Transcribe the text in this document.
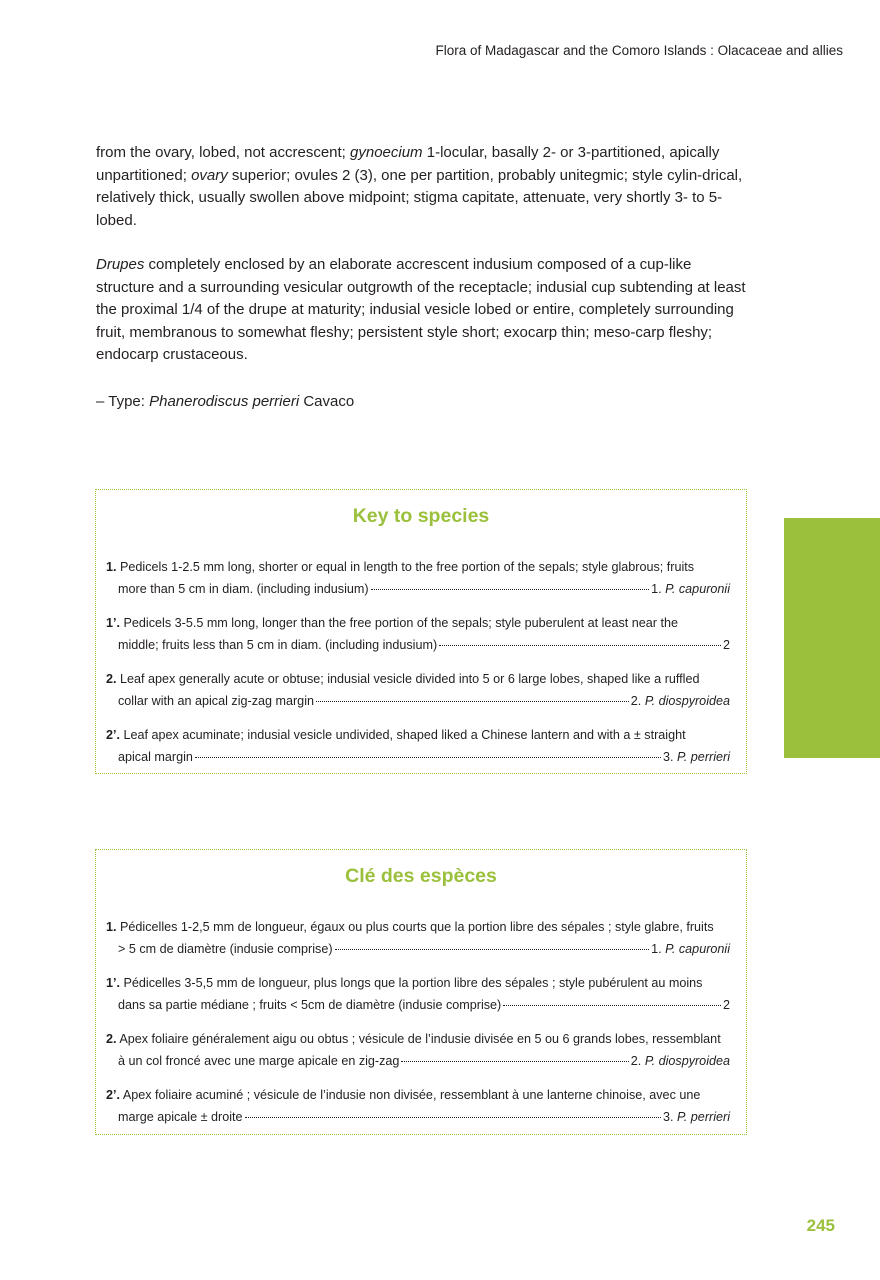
Flora of Madagascar and the Comoro Islands : Olacaceae and allies

from the ovary, lobed, not accrescent; gynoecium 1-locular, basally 2- or 3-partitioned, apically unpartitioned; ovary superior; ovules 2 (3), one per partition, probably unitegmic; style cylin-drical, relatively thick, usually swollen above midpoint; stigma capitate, attenuate, very shortly 3- to 5-lobed.

Drupes completely enclosed by an elaborate accrescent indusium composed of a cup-like structure and a surrounding vesicular outgrowth of the receptacle; indusial cup subtending at least the proximal 1/4 of the drupe at maturity; indusial vesicle lobed or entire, completely surrounding fruit, membranous to somewhat fleshy; persistent style short; exocarp thin; meso-carp fleshy; endocarp crustaceous.

– Type: Phanerodiscus perrieri Cavaco

Key to species
1. Pedicels 1-2.5 mm long, shorter or equal in length to the free portion of the sepals; style glabrous; fruits
more than 5 cm in diam. (including indusium)	1. P. capuronii
1’. Pedicels 3-5.5 mm long, longer than the free portion of the sepals; style puberulent at least near the
middle; fruits less than 5 cm in diam. (including indusium)	2
2. Leaf apex generally acute or obtuse; indusial vesicle divided into 5 or 6 large lobes, shaped like a ruffled
collar with an apical zig-zag margin	2. P. diospyroidea
2’. Leaf apex acuminate; indusial vesicle undivided, shaped liked a Chinese lantern and with a ± straight
apical margin	3. P. perrieri
Clé des espèces
1. Pédicelles 1-2,5 mm de longueur, égaux ou plus courts que la portion libre des sépales ; style glabre, fruits
> 5 cm de diamètre (indusie comprise)	1. P. capuronii
1’. Pédicelles 3-5,5 mm de longueur, plus longs que la portion libre des sépales ; style pubérulent au moins
dans sa partie médiane ; fruits < 5cm de diamètre (indusie comprise)	2
2. Apex foliaire généralement aigu ou obtus ; vésicule de l’indusie divisée en 5 ou 6 grands lobes, ressemblant
à un col froncé avec une marge apicale en zig-zag	2. P. diospyroidea
2’. Apex foliaire acuminé ; vésicule de l’indusie non divisée, ressemblant à une lanterne chinoise, avec une
marge apicale ± droite	3. P. perrieri
245
